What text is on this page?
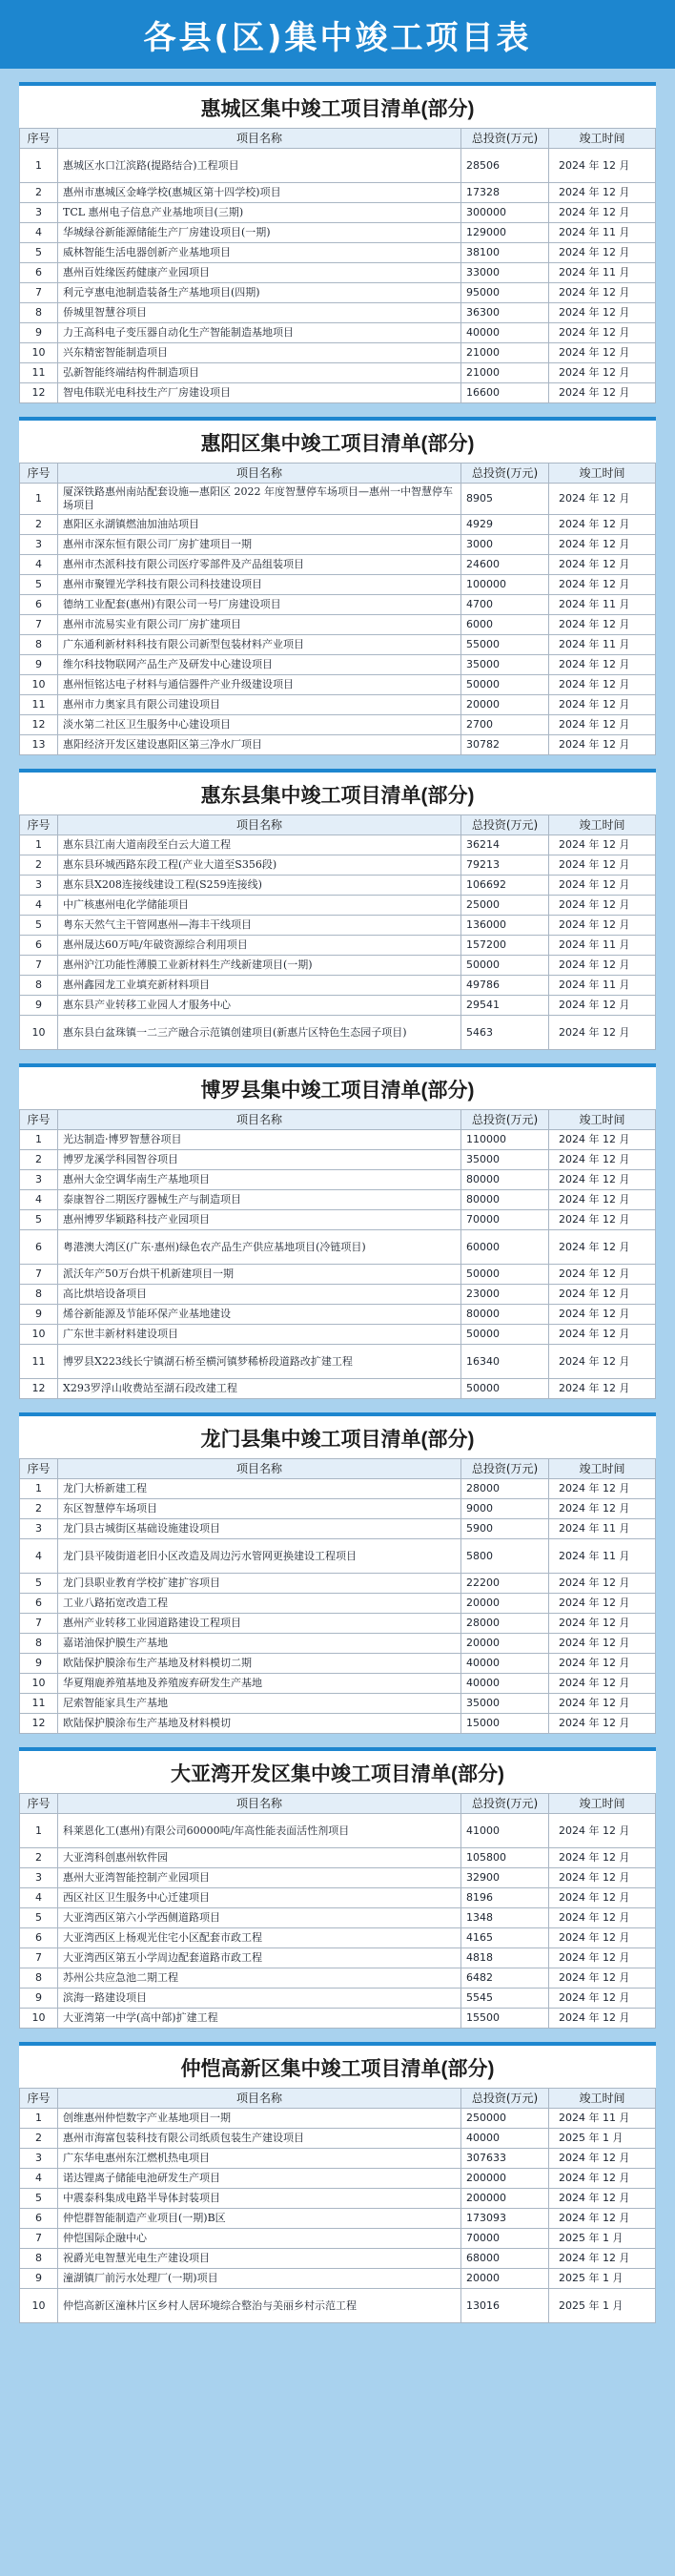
各县(区)集中竣工项目表
惠城区集中竣工项目清单(部分)
序号	项目名称	总投资(万元)	竣工时间
1	惠城区水口江滨路(提路结合)工程项目	28506	2024 年 12 月
2	惠州市惠城区金峰学校(惠城区第十四学校)项目	17328	2024 年 12 月
3	TCL 惠州电子信息产业基地项目(三期)	300000	2024 年 12 月
4	华城绿谷新能源储能生产厂房建设项目(一期)	129000	2024 年 11 月
5	威林智能生活电器创新产业基地项目	38100	2024 年 12 月
6	惠州百姓缘医药健康产业园项目	33000	2024 年 11 月
7	利元亨惠电池制造装备生产基地项目(四期)	95000	2024 年 12 月
8	侨城里智慧谷项目	36300	2024 年 12 月
9	力王高科电子变压器自动化生产智能制造基地项目	40000	2024 年 12 月
10	兴东精密智能制造项目	21000	2024 年 12 月
11	弘新智能终端结构件制造项目	21000	2024 年 12 月
12	智电伟联光电科技生产厂房建设项目	16600	2024 年 12 月
惠阳区集中竣工项目清单(部分)
序号	项目名称	总投资(万元)	竣工时间
1	厦深铁路惠州南站配套设施—惠阳区 2022 年度智慧停车场项目—惠州一中智慧停车场项目	8905	2024 年 12 月
2	惠阳区永湖镇燃油加油站项目	4929	2024 年 12 月
3	惠州市深东恒有限公司厂房扩建项目一期	3000	2024 年 12 月
4	惠州市杰派科技有限公司医疗零部件及产品组装项目	24600	2024 年 12 月
5	惠州市聚锂光学科技有限公司科技建设项目	100000	2024 年 12 月
6	德纳工业配套(惠州)有限公司一号厂房建设项目	4700	2024 年 11 月
7	惠州市流易实业有限公司厂房扩建项目	6000	2024 年 12 月
8	广东通利新材料科技有限公司新型包装材料产业项目	55000	2024 年 11 月
9	维尔科技物联网产品生产及研发中心建设项目	35000	2024 年 12 月
10	惠州恒铭达电子材料与通信器件产业升级建设项目	50000	2024 年 12 月
11	惠州市力奥家具有限公司建设项目	20000	2024 年 12 月
12	淡水第二社区卫生服务中心建设项目	2700	2024 年 12 月
13	惠阳经济开发区建设惠阳区第三净水厂项目	30782	2024 年 12 月
惠东县集中竣工项目清单(部分)
序号	项目名称	总投资(万元)	竣工时间
1	惠东县江南大道南段至白云大道工程	36214	2024 年 12 月
2	惠东县环城西路东段工程(产业大道至S356段)	79213	2024 年 12 月
3	惠东县X208连接线建设工程(S259连接线)	106692	2024 年 12 月
4	中广核惠州电化学储能项目	25000	2024 年 12 月
5	粤东天然气主干管网惠州—海丰干线项目	136000	2024 年 12 月
6	惠州晟达60万吨/年破资源综合利用项目	157200	2024 年 11 月
7	惠州沪江功能性薄膜工业新材料生产线新建项目(一期)	50000	2024 年 12 月
8	惠州鑫园龙工业填充新材料项目	49786	2024 年 11 月
9	惠东县产业转移工业园人才服务中心	29541	2024 年 12 月
10	惠东县白盆珠镇一二三产融合示范镇创建项目(新惠片区特色生态园子项目)	5463	2024 年 12 月
博罗县集中竣工项目清单(部分)
序号	项目名称	总投资(万元)	竣工时间
1	光达制造·博罗智慧谷项目	110000	2024 年 12 月
2	博罗龙溪学科园智谷项目	35000	2024 年 12 月
3	惠州大金空调华南生产基地项目	80000	2024 年 12 月
4	泰康智谷二期医疗器械生产与制造项目	80000	2024 年 12 月
5	惠州博罗华颖路科技产业园项目	70000	2024 年 12 月
6	粤港澳大湾区(广东·惠州)绿色农产品生产供应基地项目(冷链项目)	60000	2024 年 12 月
7	派沃年产50万台烘干机新建项目一期	50000	2024 年 12 月
8	高比烘培设备项目	23000	2024 年 12 月
9	烯谷新能源及节能环保产业基地建设	80000	2024 年 12 月
10	广东世丰新材料建设项目	50000	2024 年 12 月
11	博罗县X223线长宁镇湖石桥至横河镇梦稀桥段道路改扩建工程	16340	2024 年 12 月
12	X293罗浮山收费站至湖石段改建工程	50000	2024 年 12 月
龙门县集中竣工项目清单(部分)
序号	项目名称	总投资(万元)	竣工时间
1	龙门大桥新建工程	28000	2024 年 12 月
2	东区智慧停车场项目	9000	2024 年 12 月
3	龙门县古城街区基础设施建设项目	5900	2024 年 11 月
4	龙门县平陵街道老旧小区改造及周边污水管网更换建设工程项目	5800	2024 年 11 月
5	龙门县职业教育学校扩建扩容项目	22200	2024 年 12 月
6	工业八路拓宽改造工程	20000	2024 年 12 月
7	惠州产业转移工业园道路建设工程项目	28000	2024 年 12 月
8	嘉诺油保护膜生产基地	20000	2024 年 12 月
9	欧陆保护膜涂布生产基地及材料模切二期	40000	2024 年 12 月
10	华夏翔鹿养殖基地及养殖废弃研发生产基地	40000	2024 年 12 月
11	尼索智能家具生产基地	35000	2024 年 12 月
12	欧陆保护膜涂布生产基地及材料模切	15000	2024 年 12 月
大亚湾开发区集中竣工项目清单(部分)
序号	项目名称	总投资(万元)	竣工时间
1	科莱恩化工(惠州)有限公司60000吨/年高性能表面活性剂项目	41000	2024 年 12 月
2	大亚湾科创惠州软件园	105800	2024 年 12 月
3	惠州大亚湾智能控制产业园项目	32900	2024 年 12 月
4	西区社区卫生服务中心迁建项目	8196	2024 年 12 月
5	大亚湾西区第六小学西侧道路项目	1348	2024 年 12 月
6	大亚湾西区上杨观光住宅小区配套市政工程	4165	2024 年 12 月
7	大亚湾西区第五小学周边配套道路市政工程	4818	2024 年 12 月
8	苏州公共应急池二期工程	6482	2024 年 12 月
9	滨海一路建设项目	5545	2024 年 12 月
10	大亚湾第一中学(高中部)扩建工程	15500	2024 年 12 月
仲恺高新区集中竣工项目清单(部分)
序号	项目名称	总投资(万元)	竣工时间
1	创维惠州仲恺数字产业基地项目一期	250000	2024 年 11 月
2	惠州市海富包装科技有限公司纸质包装生产建设项目	40000	2025 年 1 月
3	广东华电惠州东江燃机热电项目	307633	2024 年 12 月
4	诺达锂离子储能电池研发生产项目	200000	2024 年 12 月
5	中震泰科集成电路半导体封装项目	200000	2024 年 12 月
6	仲恺群智能制造产业项目(一期)B区	173093	2024 年 12 月
7	仲恺国际企融中心	70000	2025 年 1 月
8	祝爵光电智慧光电生产建设项目	68000	2024 年 12 月
9	潼湖镇厂前污水处理厂(一期)项目	20000	2025 年 1 月
10	仲恺高新区潼林片区乡村人居环境综合整治与美丽乡村示范工程	13016	2025 年 1 月
